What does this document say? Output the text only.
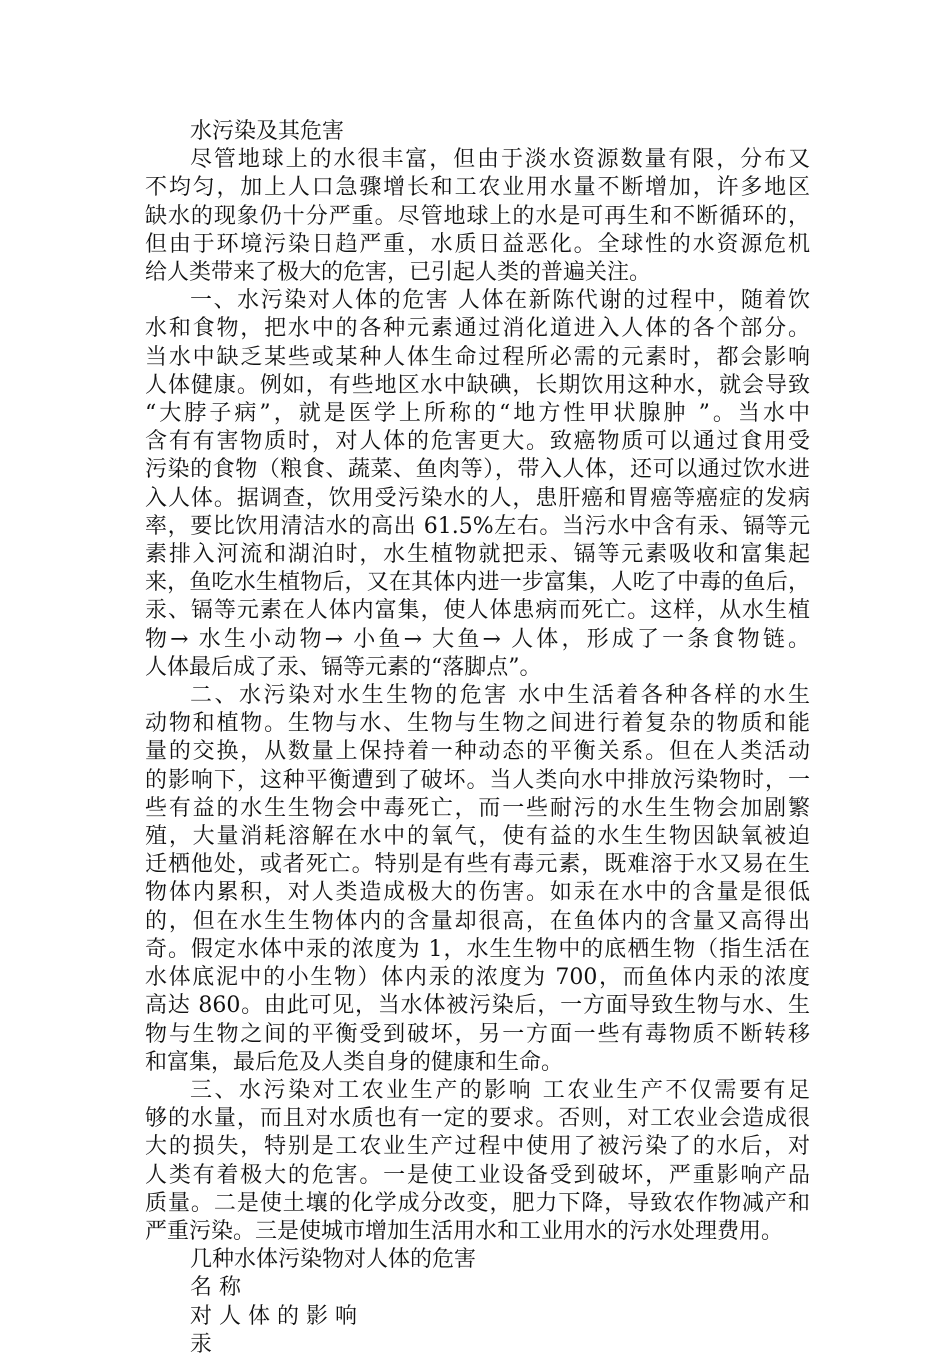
水污染及其危害
尽管地球上的水很丰富，但由于淡水资源数量有限，分布又
不均匀，加上人口急骤增长和工农业用水量不断增加，许多地区
缺水的现象仍十分严重。尽管地球上的水是可再生和不断循环的，
但由于环境污染日趋严重，水质日益恶化。全球性的水资源危机
给人类带来了极大的危害，已引起人类的普遍关注。
一、水污染对人体的危害 人体在新陈代谢的过程中，随着饮
水和食物，把水中的各种元素通过消化道进入人体的各个部分。
当水中缺乏某些或某种人体生命过程所必需的元素时，都会影响
人体健康。例如，有些地区水中缺碘，长期饮用这种水，就会导致
“大脖子病”，就是医学上所称的“地方性甲状腺肿 ”。当水中
含有有害物质时，对人体的危害更大。致癌物质可以通过食用受
污染的食物（粮食、蔬菜、鱼肉等），带入人体，还可以通过饮水进
入人体。据调查，饮用受污染水的人，患肝癌和胃癌等癌症的发病
率，要比饮用清洁水的高出 61.5%左右。当污水中含有汞、镉等元
素排入河流和湖泊时，水生植物就把汞、镉等元素吸收和富集起
来，鱼吃水生植物后，又在其体内进一步富集，人吃了中毒的鱼后，
汞、镉等元素在人体内富集，使人体患病而死亡。这样，从水生植
物→ 水生小动物→ 小鱼→ 大鱼→ 人体，形成了一条食物链。
人体最后成了汞、镉等元素的“落脚点”。
二、水污染对水生生物的危害 水中生活着各种各样的水生
动物和植物。生物与水、生物与生物之间进行着复杂的物质和能
量的交换，从数量上保持着一种动态的平衡关系。但在人类活动
的影响下，这种平衡遭到了破坏。当人类向水中排放污染物时，一
些有益的水生生物会中毒死亡，而一些耐污的水生生物会加剧繁
殖，大量消耗溶解在水中的氧气，使有益的水生生物因缺氧被迫
迁栖他处，或者死亡。特别是有些有毒元素，既难溶于水又易在生
物体内累积，对人类造成极大的伤害。如汞在水中的含量是很低
的，但在水生生物体内的含量却很高，在鱼体内的含量又高得出
奇。假定水体中汞的浓度为 1，水生生物中的底栖生物（指生活在
水体底泥中的小生物）体内汞的浓度为 700，而鱼体内汞的浓度
高达 860。由此可见，当水体被污染后，一方面导致生物与水、生
物与生物之间的平衡受到破坏，另一方面一些有毒物质不断转移
和富集，最后危及人类自身的健康和生命。
三、水污染对工农业生产的影响 工农业生产不仅需要有足
够的水量，而且对水质也有一定的要求。否则，对工农业会造成很
大的损失，特别是工农业生产过程中使用了被污染了的水后，对
人类有着极大的危害。一是使工业设备受到破坏，严重影响产品
质量。二是使土壤的化学成分改变，肥力下降，导致农作物减产和
严重污染。三是使城市增加生活用水和工业用水的污水处理费用。
几种水体污染物对人体的危害
名 称
对 人 体 的 影 响
汞
